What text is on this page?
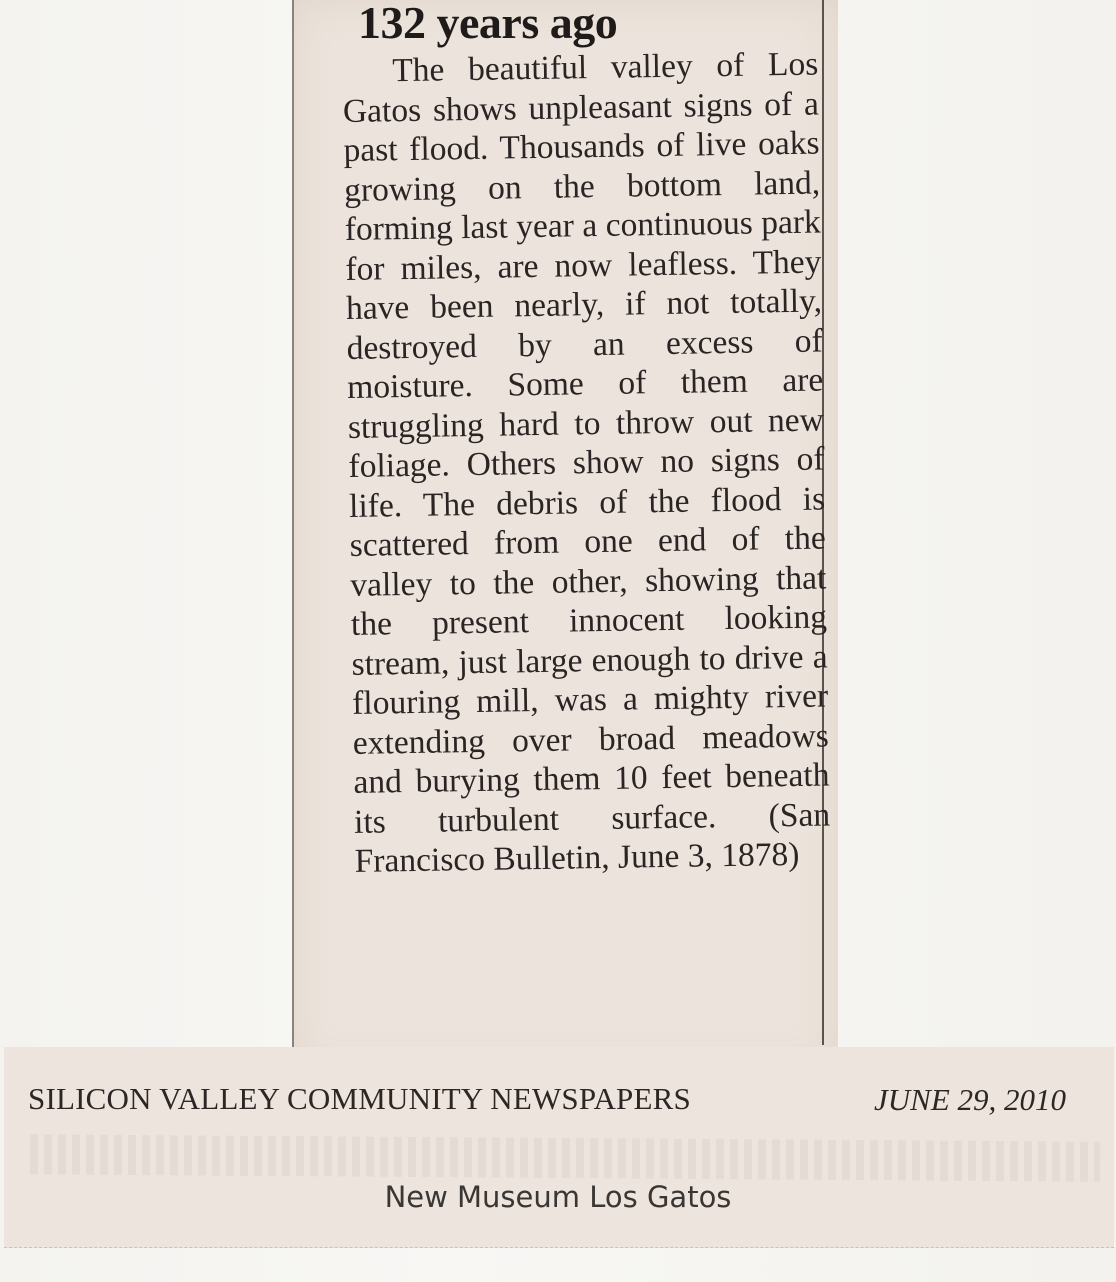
132 years ago

The beautiful valley of Los Gatos shows unpleasant signs of a past flood. Thousands of live oaks growing on the bottom land, forming last year a continuous park for miles, are now leafless. They have been nearly, if not totally, destroyed by an excess of moisture. Some of them are struggling hard to throw out new foliage. Others show no signs of life. The debris of the flood is scattered from one end of the valley to the other, showing that the present innocent looking stream, just large enough to drive a flouring mill, was a mighty river extending over broad meadows and burying them 10 feet beneath its turbulent surface. (San Francisco Bulletin, June 3, 1878)

SILICON VALLEY COMMUNITY NEWSPAPERS	JUNE 29, 2010

New Museum Los Gatos
